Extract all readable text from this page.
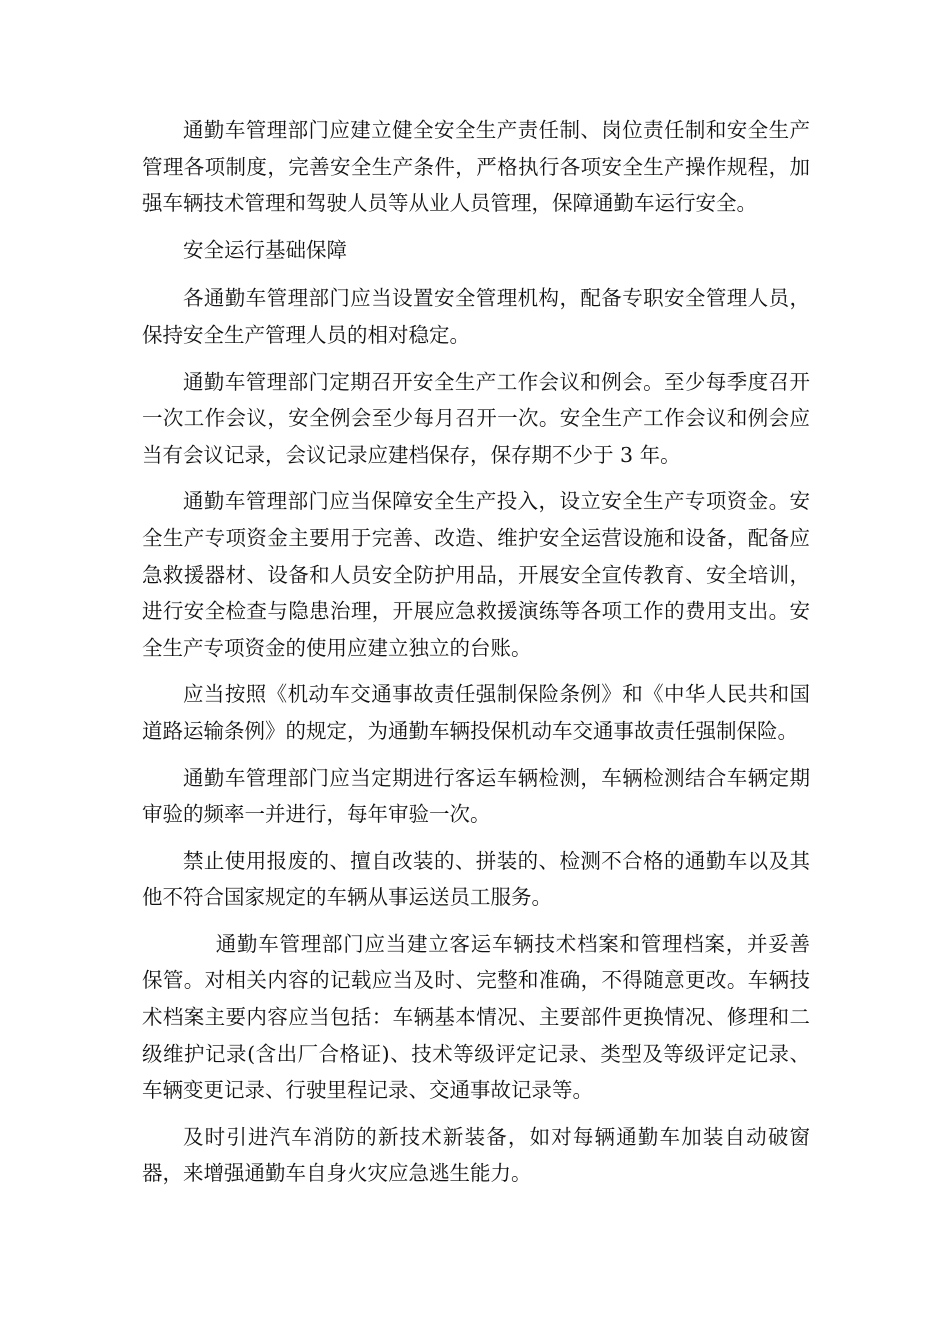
通勤车管理部门应建立健全安全生产责任制、岗位责任制和安全生产管理各项制度，完善安全生产条件，严格执行各项安全生产操作规程，加强车辆技术管理和驾驶人员等从业人员管理，保障通勤车运行安全。

安全运行基础保障

各通勤车管理部门应当设置安全管理机构，配备专职安全管理人员，保持安全生产管理人员的相对稳定。

通勤车管理部门定期召开安全生产工作会议和例会。至少每季度召开一次工作会议，安全例会至少每月召开一次。安全生产工作会议和例会应当有会议记录，会议记录应建档保存，保存期不少于 3 年。

通勤车管理部门应当保障安全生产投入，设立安全生产专项资金。安全生产专项资金主要用于完善、改造、维护安全运营设施和设备，配备应急救援器材、设备和人员安全防护用品，开展安全宣传教育、安全培训，进行安全检查与隐患治理，开展应急救援演练等各项工作的费用支出。安全生产专项资金的使用应建立独立的台账。

应当按照《机动车交通事故责任强制保险条例》和《中华人民共和国道路运输条例》的规定，为通勤车辆投保机动车交通事故责任强制保险。

通勤车管理部门应当定期进行客运车辆检测，车辆检测结合车辆定期审验的频率一并进行，每年审验一次。

禁止使用报废的、擅自改装的、拼装的、检测不合格的通勤车以及其他不符合国家规定的车辆从事运送员工服务。

通勤车管理部门应当建立客运车辆技术档案和管理档案，并妥善保管。对相关内容的记载应当及时、完整和准确，不得随意更改。车辆技术档案主要内容应当包括：车辆基本情况、主要部件更换情况、修理和二级维护记录(含出厂合格证)、技术等级评定记录、类型及等级评定记录、车辆变更记录、行驶里程记录、交通事故记录等。

及时引进汽车消防的新技术新装备，如对每辆通勤车加装自动破窗器，来增强通勤车自身火灾应急逃生能力。
